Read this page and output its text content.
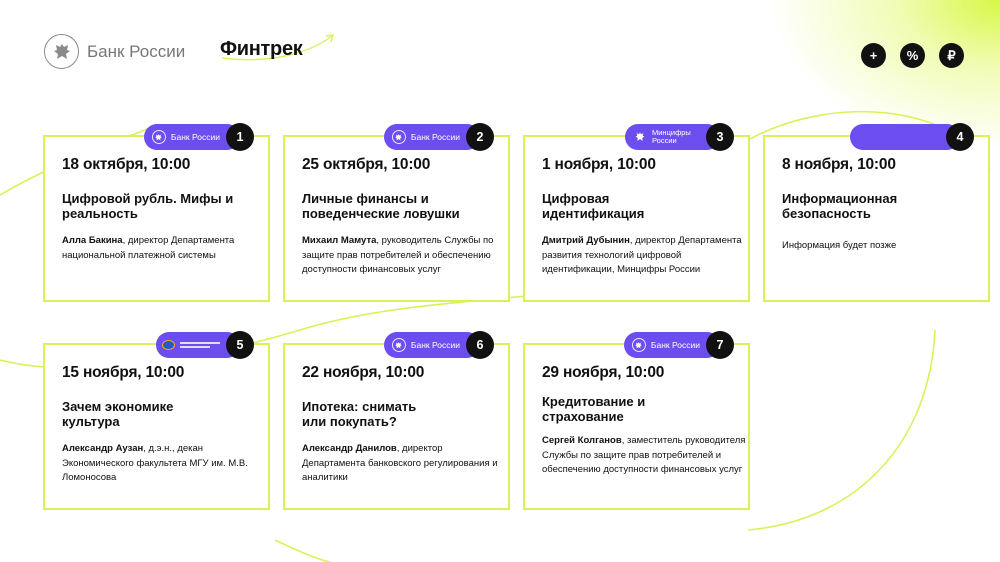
Банк России Финтрек	+	%	₽
Банк России	1
18 октября, 10:00
Цифровой рубль. Мифы и реальность
Алла Бакина, директор Департамента национальной платежной системы
Банк России	2
25 октября, 10:00
Личные финансы и поведенческие ловушки
Михаил Мамута, руководитель Службы по защите прав потребителей и обеспечению доступности финансовых услуг
Минцифры России	3
1 ноября, 10:00
Цифровая идентификация
Дмитрий Дубынин, директор Департамента развития технологий цифровой идентификации, Минцифры России
4
8 ноября, 10:00
Информационная безопасность
Информация будет позже
5
15 ноября, 10:00
Зачем экономике культура
Александр Аузан, д.э.н., декан Экономического факультета МГУ им. М.В. Ломоносова
Банк России	6
22 ноября, 10:00
Ипотека: снимать или покупать?
Александр Данилов, директор Департамента банковского регулирования и аналитики
Банк России	7
29 ноября, 10:00
Кредитование и страхование
Сергей Колганов, заместитель руководителя Службы по защите прав потребителей и обеспечению доступности финансовых услуг
